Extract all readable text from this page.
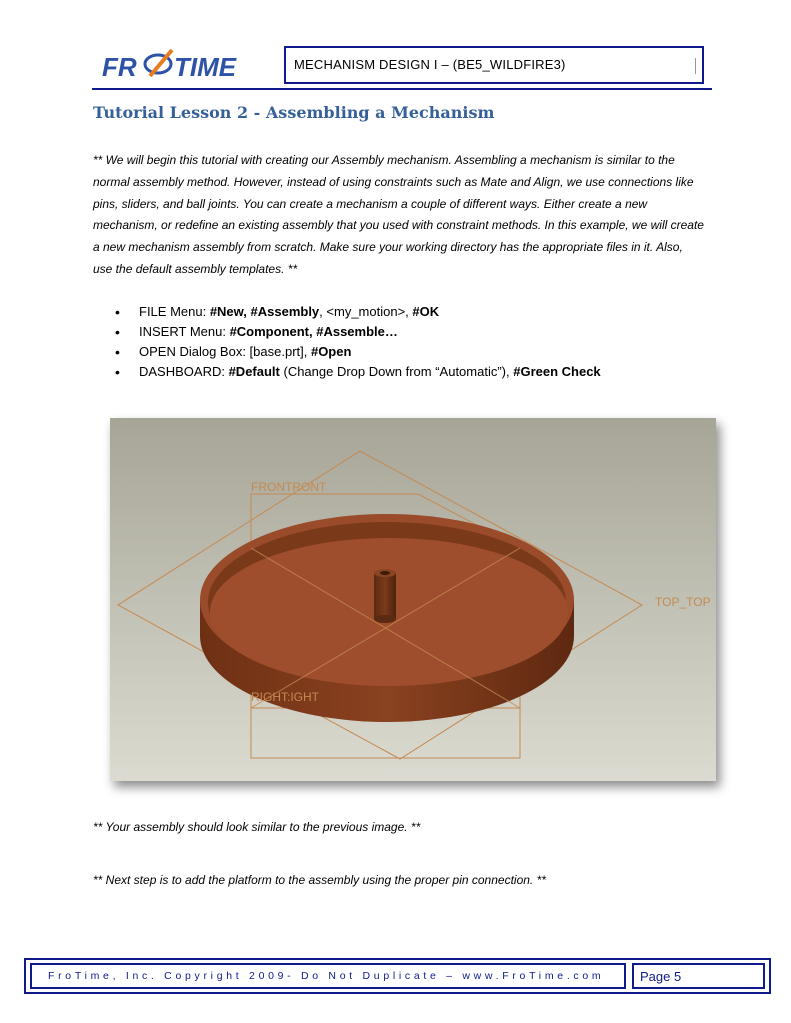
FR TIME	MECHANISM DESIGN I – (BE5_WILDFIRE3)
Tutorial Lesson 2 - Assembling a Mechanism

** We will begin this tutorial with creating our Assembly mechanism. Assembling a mechanism is similar to the normal assembly method. However, instead of using constraints such as Mate and Align, we use connections like pins, sliders, and ball joints. You can create a mechanism a couple of different ways. Either create a new mechanism, or redefine an existing assembly that you used with constraint methods. In this example, we will create a new mechanism assembly from scratch. Make sure your working directory has the appropriate files in it. Also, use the default assembly templates. **

• FILE Menu: #New, #Assembly, <my_motion>, #OK
• INSERT Menu: #Component, #Assemble…
• OPEN Dialog Box: [base.prt], #Open
• DASHBOARD: #Default (Change Drop Down from “Automatic”), #Green Check
FRONTRONT
TOP_TOP
RIGHT:IGHT
** Your assembly should look similar to the previous image. **
** Next step is to add the platform to the assembly using the proper pin connection. **
FroTime, Inc. Copyright 2009- Do Not Duplicate – www.FroTime.com	Page 5
